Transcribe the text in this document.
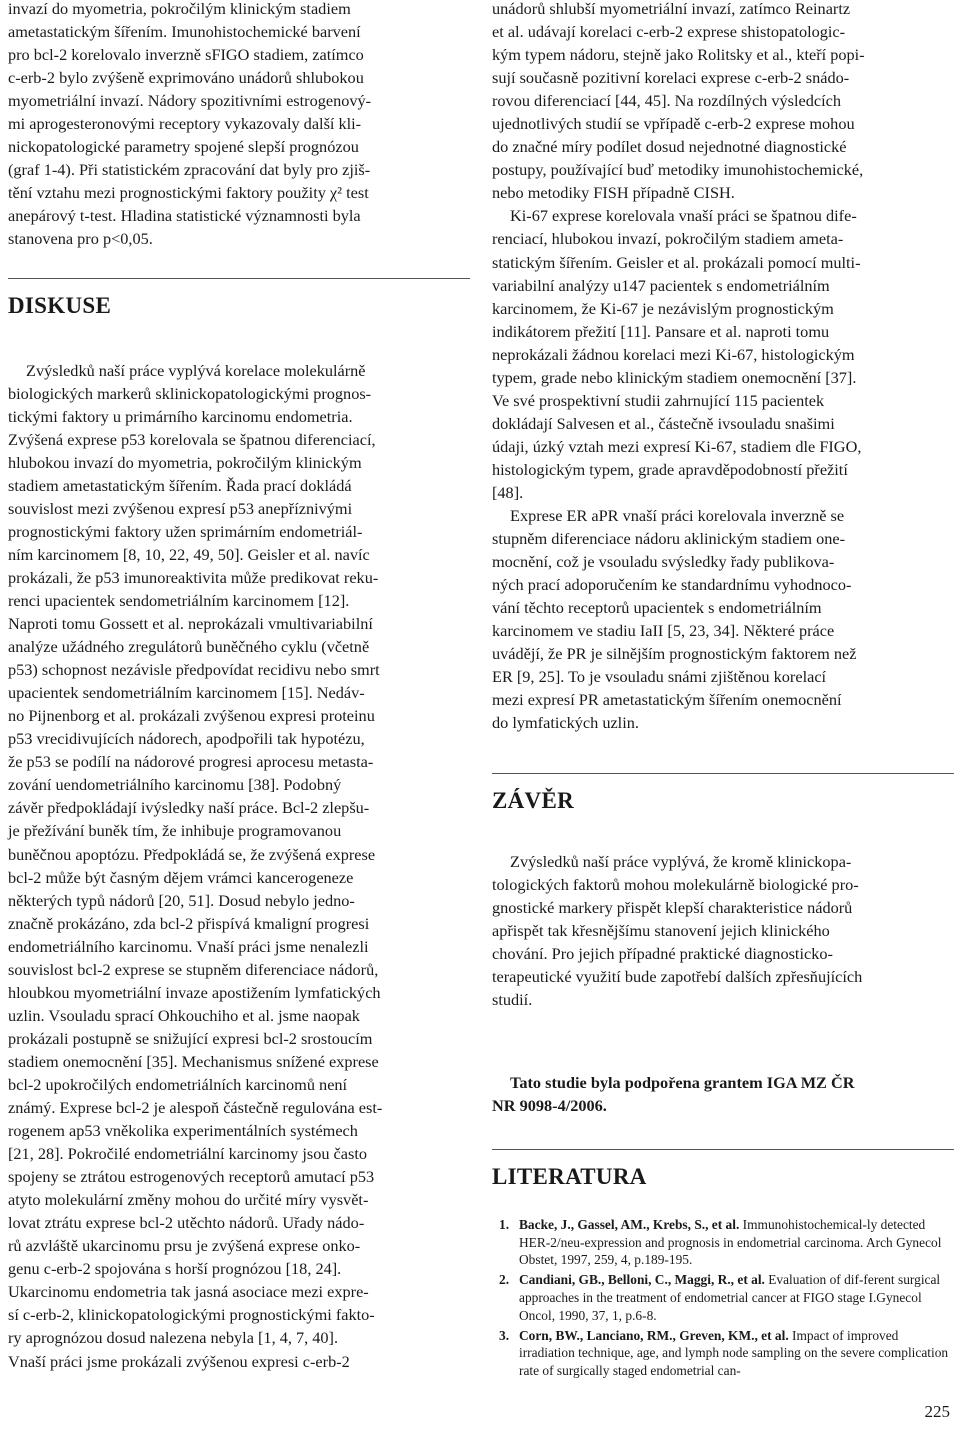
invazí do myometria, pokročilým klinickým stadiem
ametastatickým šířením. Imunohistochemické barvení
pro bcl-2 korelovalo inverzně sFIGO stadiem, zatímco
c-erb-2 bylo zvýšeně exprimováno unádorů shlubokou
myometriální invazí. Nádory spozitivními estrogenový-
mi aprogesteronovými receptory vykazovaly další kli-
nickopatologické parametry spojené slepší prognózou
(graf 1-4). Při statistickém zpracování dat byly pro zjiš-
tění vztahu mezi prognostickými faktory použity χ² test
anepárový t-test. Hladina statistické významnosti byla
stanovena pro p<0,05.

DISKUSE

Zvýsledků naší práce vyplývá korelace molekulárně
biologických markerů sklinickopatologickými prognos-
tickými faktory u primárního karcinomu endometria.
Zvýšená exprese p53 korelovala se špatnou diferenciací,
hlubokou invazí do myometria, pokročilým klinickým
stadiem ametastatickým šířením. Řada prací dokládá
souvislost mezi zvýšenou expresí p53 anepříznivými
prognostickými faktory užen sprimárním endometriál-
ním karcinomem [8, 10, 22, 49, 50]. Geisler et al. navíc
prokázali, že p53 imunoreaktivita může predikovat reku-
renci upacientek sendometriálním karcinomem [12].
Naproti tomu Gossett et al. neprokázali vmultivariabilní
analýze užádného zregulátorů buněčného cyklu (včetně
p53) schopnost nezávisle předpovídat recidivu nebo smrt
upacientek sendometriálním karcinomem [15]. Nedáv-
no Pijnenborg et al. prokázali zvýšenou expresi proteinu
p53 vrecidivujících nádorech, apodpořili tak hypotézu,
že p53 se podílí na nádorové progresi aprocesu metasta-
zování uendometriálního karcinomu [38]. Podobný
závěr předpokládají ivýsledky naší práce. Bcl-2 zlepšu-
je přežívání buněk tím, že inhibuje programovanou
buněčnou apoptózu. Předpokládá se, že zvýšená exprese
bcl-2 může být časným dějem vrámci kancerogeneze
některých typů nádorů [20, 51]. Dosud nebylo jedno-
značně prokázáno, zda bcl-2 přispívá kmaligní progresi
endometriálního karcinomu. Vnaší práci jsme nenalezli
souvislost bcl-2 exprese se stupněm diferenciace nádorů,
hloubkou myometriální invaze apostižením lymfatických
uzlin. Vsouladu sprací Ohkouchiho et al. jsme naopak
prokázali postupně se snižující expresi bcl-2 srostoucím
stadiem onemocnění [35]. Mechanismus snížené exprese
bcl-2 upokročilých endometriálních karcinomů není
známý. Exprese bcl-2 je alespoň částečně regulována est-
rogenem ap53 vněkolika experimentálních systémech
[21, 28]. Pokročilé endometriální karcinomy jsou často
spojeny se ztrátou estrogenových receptorů amutací p53
atyto molekulární změny mohou do určité míry vysvět-
lovat ztrátu exprese bcl-2 utěchto nádorů. Uřady nádo-
rů azvláště ukarcinomu prsu je zvýšená exprese onko-
genu c-erb-2 spojována s horší prognózou [18, 24].
Ukarcinomu endometria tak jasná asociace mezi expre-
sí c-erb-2, klinickopatologickými prognostickými fakto-
ry aprognózou dosud nalezena nebyla [1, 4, 7, 40].
Vnaší práci jsme prokázali zvýšenou expresi c-erb-2

unádorů shlubší myometriální invazí, zatímco Reinartz
et al. udávají korelaci c-erb-2 exprese shistopatologic-
kým typem nádoru, stejně jako Rolitsky et al., kteří popi-
sují současně pozitivní korelaci exprese c-erb-2 snádo-
rovou diferenciací [44, 45]. Na rozdílných výsledcích
ujednotlivých studií se vpřípadě c-erb-2 exprese mohou
do značné míry podílet dosud nejednotné diagnostické
postupy, používající buď metodiky imunohistochemické,
nebo metodiky FISH případně CISH.

Ki-67 exprese korelovala vnaší práci se špatnou dife-
renciací, hlubokou invazí, pokročilým stadiem ameta-
statickým šířením. Geisler et al. prokázali pomocí multi-
variabilní analýzy u147 pacientek s endometriálním
karcinomem, že Ki-67 je nezávislým prognostickým
indikátorem přežití [11]. Pansare et al. naproti tomu
neprokázali žádnou korelaci mezi Ki-67, histologickým
typem, grade nebo klinickým stadiem onemocnění [37].
Ve své prospektivní studii zahrnující 115 pacientek
dokládají Salvesen et al., částečně ivsouladu snašimi
údaji, úzký vztah mezi expresí Ki-67, stadiem dle FIGO,
histologickým typem, grade apravděpodobností přežití
[48].

Exprese ER aPR vnaší práci korelovala inverzně se
stupněm diferenciace nádoru aklinickým stadiem one-
mocnění, což je vsouladu svýsledky řady publikova-
ných prací adoporučením ke standardnímu vyhodnoco-
vání těchto receptorů upacientek s endometriálním
karcinomem ve stadiu IaII [5, 23, 34]. Některé práce
uvádějí, že PR je silnějším prognostickým faktorem než
ER [9, 25]. To je vsouladu snámi zjištěnou korelací
mezi expresí PR ametastatickým šířením onemocnění
do lymfatických uzlin.

ZÁVĚR

Zvýsledků naší práce vyplývá, že kromě klinickopa-
tologických faktorů mohou molekulárně biologické pro-
gnostické markery přispět klepší charakteristice nádorů
apřispět tak křesnějšímu stanovení jejich klinického
chování. Pro jejich případné praktické diagnosticko-
terapeutické využití bude zapotřebí dalších zpřesňujících
studií.

Tato studie byla podpořena grantem IGA MZ ČR
NR 9098-4/2006.

LITERATURA
1. Backe, J., Gassel, AM., Krebs, S., et al. Immunohistochemical-ly detected HER-2/neu-expression and prognosis in endometrial carcinoma. Arch Gynecol Obstet, 1997, 259, 4, p.189-195.
2. Candiani, GB., Belloni, C., Maggi, R., et al. Evaluation of dif-ferent surgical approaches in the treatment of endometrial cancer at FIGO stage I.Gynecol Oncol, 1990, 37, 1, p.6-8.
3. Corn, BW., Lanciano, RM., Greven, KM., et al. Impact of improved irradiation technique, age, and lymph node sampling on the severe complication rate of surgically staged endometrial can-
225
